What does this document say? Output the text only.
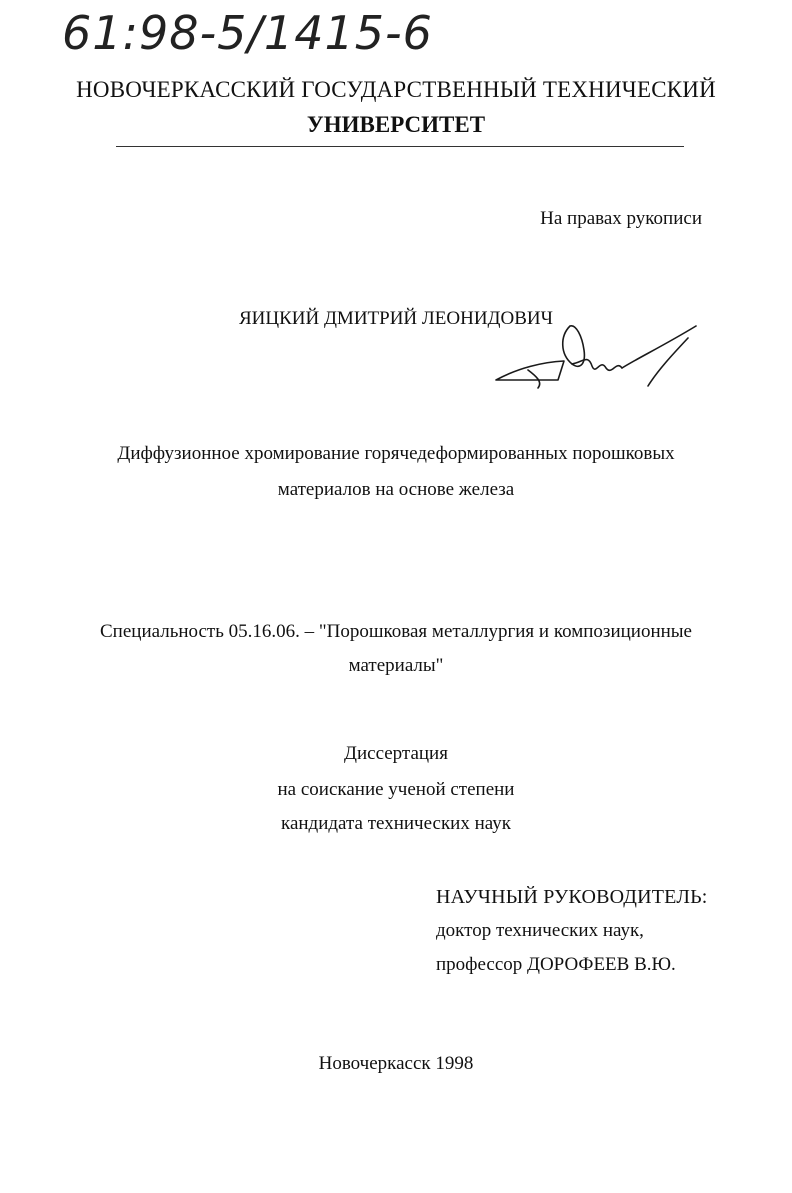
61:98-5/1415-6
НОВОЧЕРКАССКИЙ ГОСУДАРСТВЕННЫЙ ТЕХНИЧЕСКИЙ
УНИВЕРСИТЕТ
На правах рукописи
ЯИЦКИЙ ДМИТРИЙ ЛЕОНИДОВИЧ
Диффузионное хромирование горячедеформированных порошковых
материалов на основе железа
Специальность 05.16.06. – "Порошковая металлургия и композиционные
материалы"
Диссертация
на соискание ученой степени
кандидата технических наук
НАУЧНЫЙ РУКОВОДИТЕЛЬ:
доктор технических наук,
профессор ДОРОФЕЕВ В.Ю.
Новочеркасск 1998
